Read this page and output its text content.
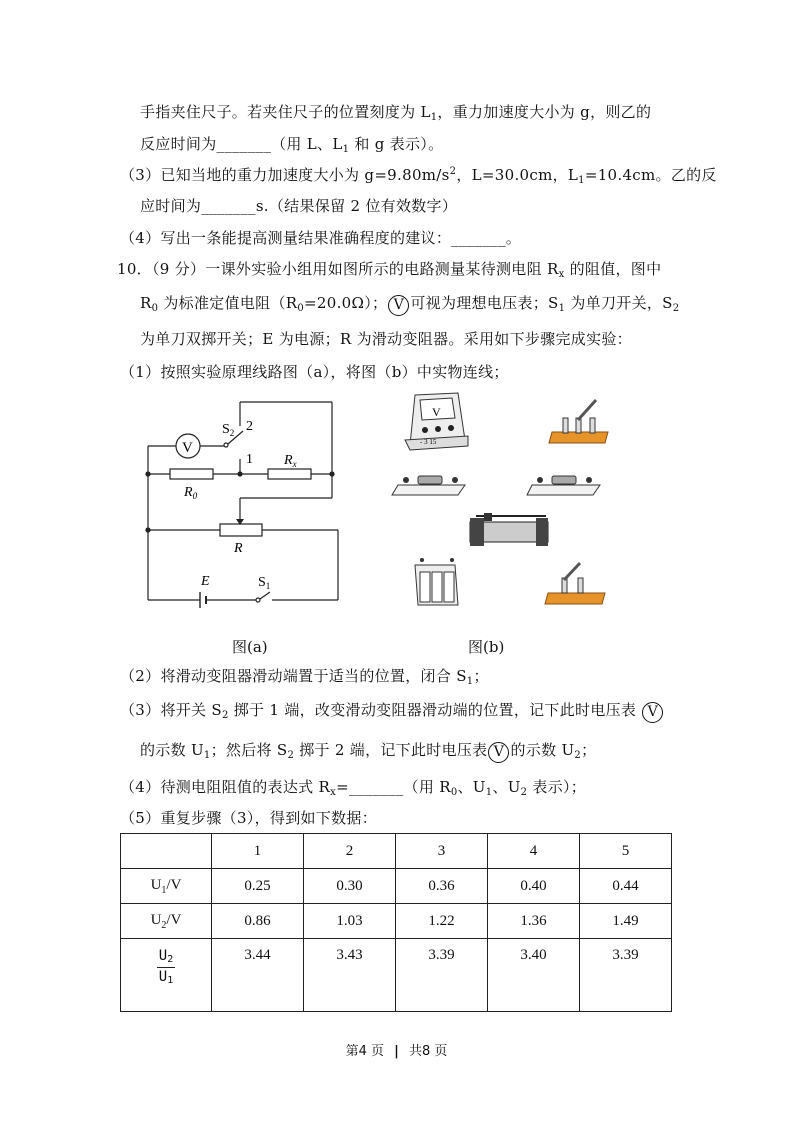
手指夹住尺子。若夹住尺子的位置刻度为 $L_1$，重力加速度大小为 g，则乙的
反应时间为_______（用 L、$L_1$ 和 g 表示）。
（3）已知当地的重力加速度大小为 $g=9.80m/s^2$，L=30.0cm，$L_1=10.4cm$。乙的反
应时间为_______s.（结果保留 2 位有效数字）
（4）写出一条能提高测量结果准确程度的建议：_______。
10．（9 分）一课外实验小组用如图所示的电路测量某待测电阻 $R_x$ 的阻值，图中
$R_0$ 为标准定值电阻$(R_0=20.0\Omega)$； V 可视为理想电压表；$S_1$ 为单刀开关，$S_2$
为单刀双掷开关；E 为电源；R 为滑动变阻器。采用如下步骤完成实验：
（1）按照实验原理线路图（a），将图（b）中实物连线；
V
$S_2$ 2
1 $R_x$
$R_0$
R
E	$S_1$
V
- 3 15
图(a)	图(b)
（2）将滑动变阻器滑动端置于适当的位置，闭合 $S_1$；
（3）将开关 $S_2$ 掷于 1 端，改变滑动变阻器滑动端的位置，记下此时电压表 V
的示数 $U_1$；然后将 $S_2$ 掷于 2 端，记下此时电压表 V 的示数 $U_2$；
（4）待测电阻阻值的表达式 $R_x=\_\_\_\_\_\_\_$（用 $R_0$、$U_1$、$U_2$ 表示）；
（5）重复步骤（3），得到如下数据：
	1	2	3	4	5
$U_1/V$	0.25	0.30	0.36	0.40	0.44
$U_2/V$	0.86	1.03	1.22	1.36	1.49

$\frac{U_2}{U_1}$	3.44	3.43	3.39	3.40	3.39
第4 页 | 共8 页
